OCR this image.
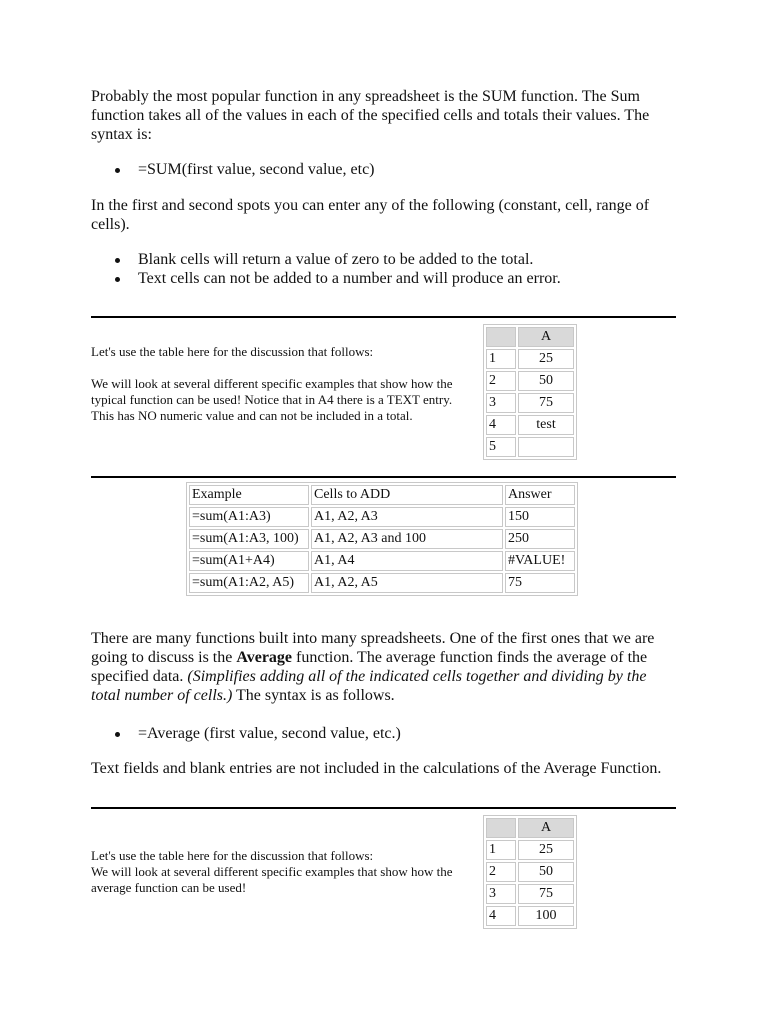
Probably the most popular function in any spreadsheet is the SUM function. The Sum function takes all of the values in each of the specified cells and totals their values. The syntax is:

=SUM(first value, second value, etc)

In the first and second spots you can enter any of the following (constant, cell, range of cells).

Blank cells will return a value of zero to be added to the total.
Text cells can not be added to a number and will produce an error.

Let's use the table here for the discussion that follows:

We will look at several different specific examples that show how the typical function can be used! Notice that in A4 there is a TEXT entry. This has NO numeric value and can not be included in a total.

	A
1	25
2	50
3	75
4	test
5	
Example	Cells to ADD	Answer
=sum(A1:A3)	A1, A2, A3	150
=sum(A1:A3, 100)	A1, A2, A3 and 100	250
=sum(A1+A4)	A1, A4	#VALUE!
=sum(A1:A2, A5)	A1, A2, A5	75

There are many functions built into many spreadsheets. One of the first ones that we are going to discuss is the Average function. The average function finds the average of the specified data. (Simplifies adding all of the indicated cells together and dividing by the total number of cells.) The syntax is as follows.

=Average (first value, second value, etc.)

Text fields and blank entries are not included in the calculations of the Average Function.

Let's use the table here for the discussion that follows:

We will look at several different specific examples that show how the average function can be used!

	A
1	25
2	50
3	75
4	100
